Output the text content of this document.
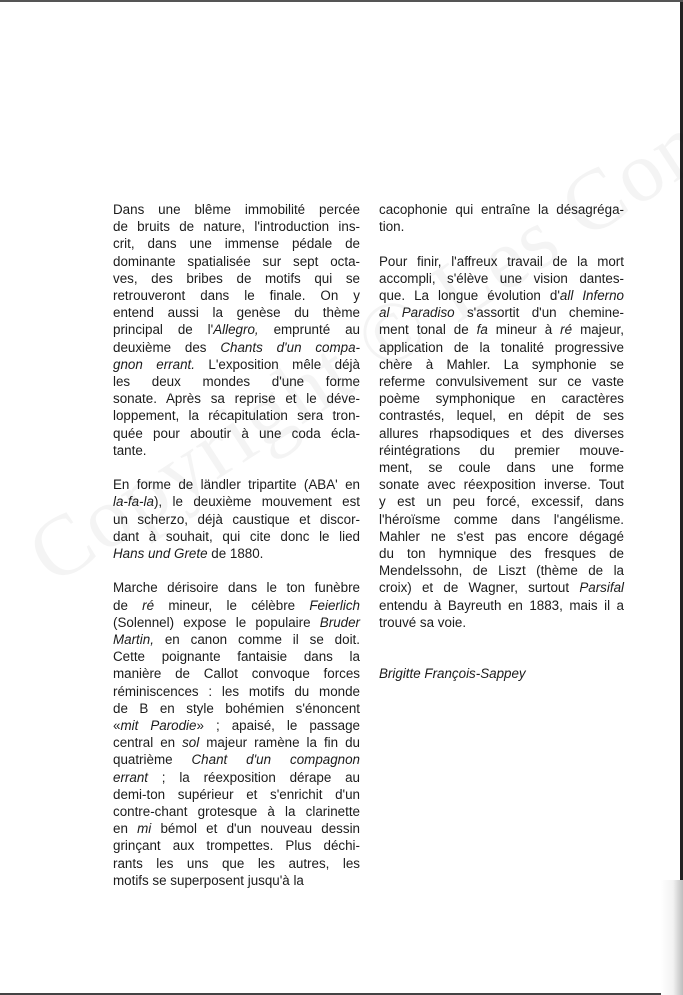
Dans une blême immobilité percée
de bruits de nature, l'introduction ins-
crit, dans une immense pédale de
dominante spatialisée sur sept octa-
ves, des bribes de motifs qui se
retrouveront dans le finale. On y
entend aussi la genèse du thème
principal de l'Allegro, emprunté au
deuxième des Chants d'un compa-
gnon errant. L'exposition mêle déjà
les deux mondes d'une forme
sonate. Après sa reprise et le déve-
loppement, la récapitulation sera tron-
quée pour aboutir à une coda écla-
tante.
En forme de ländler tripartite (ABA' en
la-fa-la), le deuxième mouvement est
un scherzo, déjà caustique et discor-
dant à souhait, qui cite donc le lied
Hans und Grete de 1880.
Marche dérisoire dans le ton funèbre
de ré mineur, le célèbre Feierlich
(Solennel) expose le populaire Bruder
Martin, en canon comme il se doit.
Cette poignante fantaisie dans la
manière de Callot convoque forces
réminiscences : les motifs du monde
de B en style bohémien s'énoncent
«mit Parodie» ; apaisé, le passage
central en sol majeur ramène la fin du
quatrième Chant d'un compagnon
errant ; la réexposition dérape au
demi-ton supérieur et s'enrichit d'un
contre-chant grotesque à la clarinette
en mi bémol et d'un nouveau dessin
grinçant aux trompettes. Plus déchi-
rants les uns que les autres, les
motifs se superposent jusqu'à la
cacophonie qui entraîne la désagréga-
tion.
Pour finir, l'affreux travail de la mort
accompli, s'élève une vision dantes-
que. La longue évolution d'all Inferno
al Paradiso s'assortit d'un chemine-
ment tonal de fa mineur à ré majeur,
application de la tonalité progressive
chère à Mahler. La symphonie se
referme convulsivement sur ce vaste
poème symphonique en caractères
contrastés, lequel, en dépit de ses
allures rhapsodiques et des diverses
réintégrations du premier mouve-
ment, se coule dans une forme
sonate avec réexposition inverse. Tout
y est un peu forcé, excessif, dans
l'héroïsme comme dans l'angélisme.
Mahler ne s'est pas encore dégagé
du ton hymnique des fresques de
Mendelssohn, de Liszt (thème de la
croix) et de Wagner, surtout Parsifal
entendu à Bayreuth en 1883, mais il a
trouvé sa voie.
Brigitte François-Sappey
